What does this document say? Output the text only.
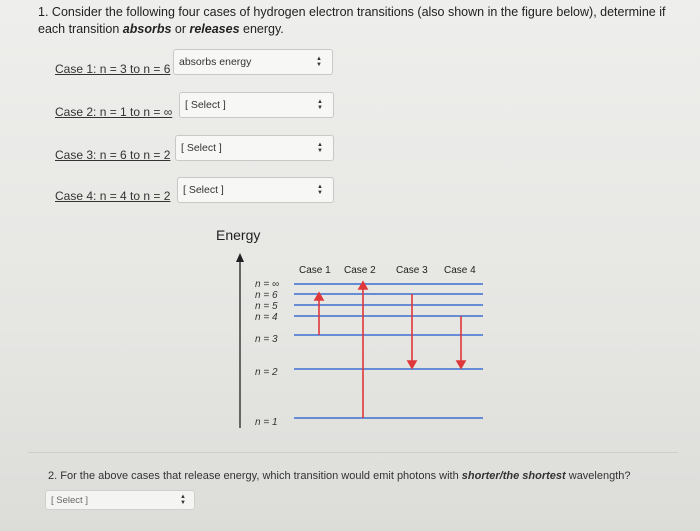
1. Consider the following four cases of hydrogen electron transitions (also shown in the figure below), determine if each transition absorbs or releases energy.
Case 1: n = 3 to n = 6 absorbs energy	▲
▼
Case 2: n = 1 to n = ∞ [ Select ]	▲
▼
Case 3: n = 6 to n = 2	[ Select ]	▲
▼
Case 4: n = 4 to n = 2	[ Select ]	▲
▼
Energy
Case 1 Case 2 Case 3 Case 4
n = ∞
n = 6
n = 5
n = 4
n = 3
n = 2
n = 1
2. For the above cases that release energy, which transition would emit photons with shorter/the shortest wavelength?
[ Select ]	▲
▼
